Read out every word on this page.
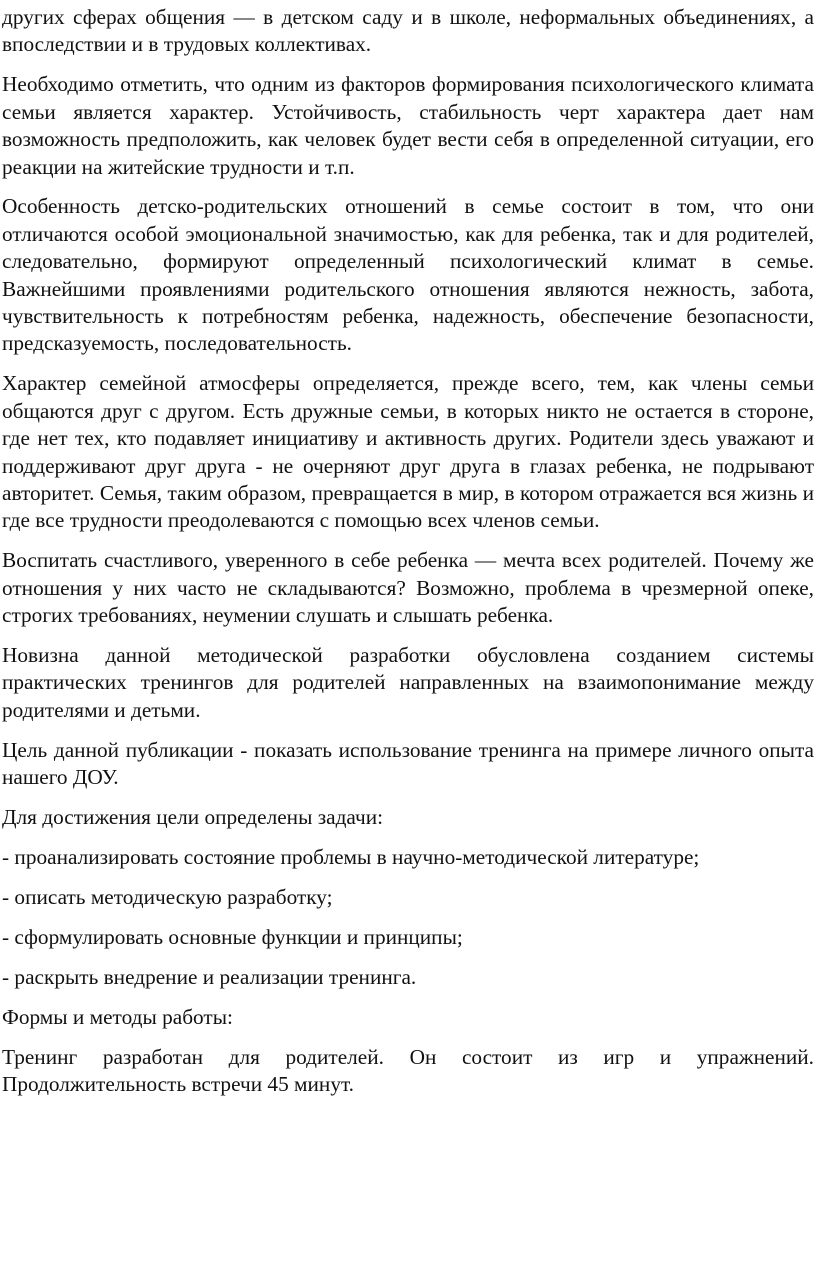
других сферах общения — в детском саду и в школе, неформальных объединениях, а впоследствии и в трудовых коллективах.

Необходимо отметить, что одним из факторов формирования психологического климата семьи является характер. Устойчивость, стабильность черт характера дает нам возможность предположить, как человек будет вести себя в определенной ситуации, его реакции на житейские трудности и т.п.

Особенность детско-родительских отношений в семье состоит в том, что они отличаются особой эмоциональной значимостью, как для ребенка, так и для родителей, следовательно, формируют определенный психологический климат в семье. Важнейшими проявлениями родительского отношения являются нежность, забота, чувствительность к потребностям ребенка, надежность, обеспечение безопасности, предсказуемость, последовательность.

Характер семейной атмосферы определяется, прежде всего, тем, как члены семьи общаются друг с другом. Есть дружные семьи, в которых никто не остается в стороне, где нет тех, кто подавляет инициативу и активность других. Родители здесь уважают и поддерживают друг друга - не очерняют друг друга в глазах ребенка, не подрывают авторитет. Семья, таким образом, превращается в мир, в котором отражается вся жизнь и где все трудности преодолеваются с помощью всех членов семьи.

Воспитать счастливого, уверенного в себе ребенка — мечта всех родителей. Почему же отношения у них часто не складываются? Возможно, проблема в чрезмерной опеке, строгих требованиях, неумении слушать и слышать ребенка.

Новизна данной методической разработки обусловлена созданием системы практических тренингов для родителей направленных на взаимопонимание между родителями и детьми.

Цель данной публикации - показать использование тренинга на примере личного опыта нашего ДОУ.

Для достижения цели определены задачи:

- проанализировать состояние проблемы в научно-методической литературе;

- описать методическую разработку;

- сформулировать основные функции и принципы;

- раскрыть внедрение и реализации тренинга.

Формы и методы работы:

Тренинг разработан для родителей. Он состоит из игр и упражнений. Продолжительность встречи 45 минут.
